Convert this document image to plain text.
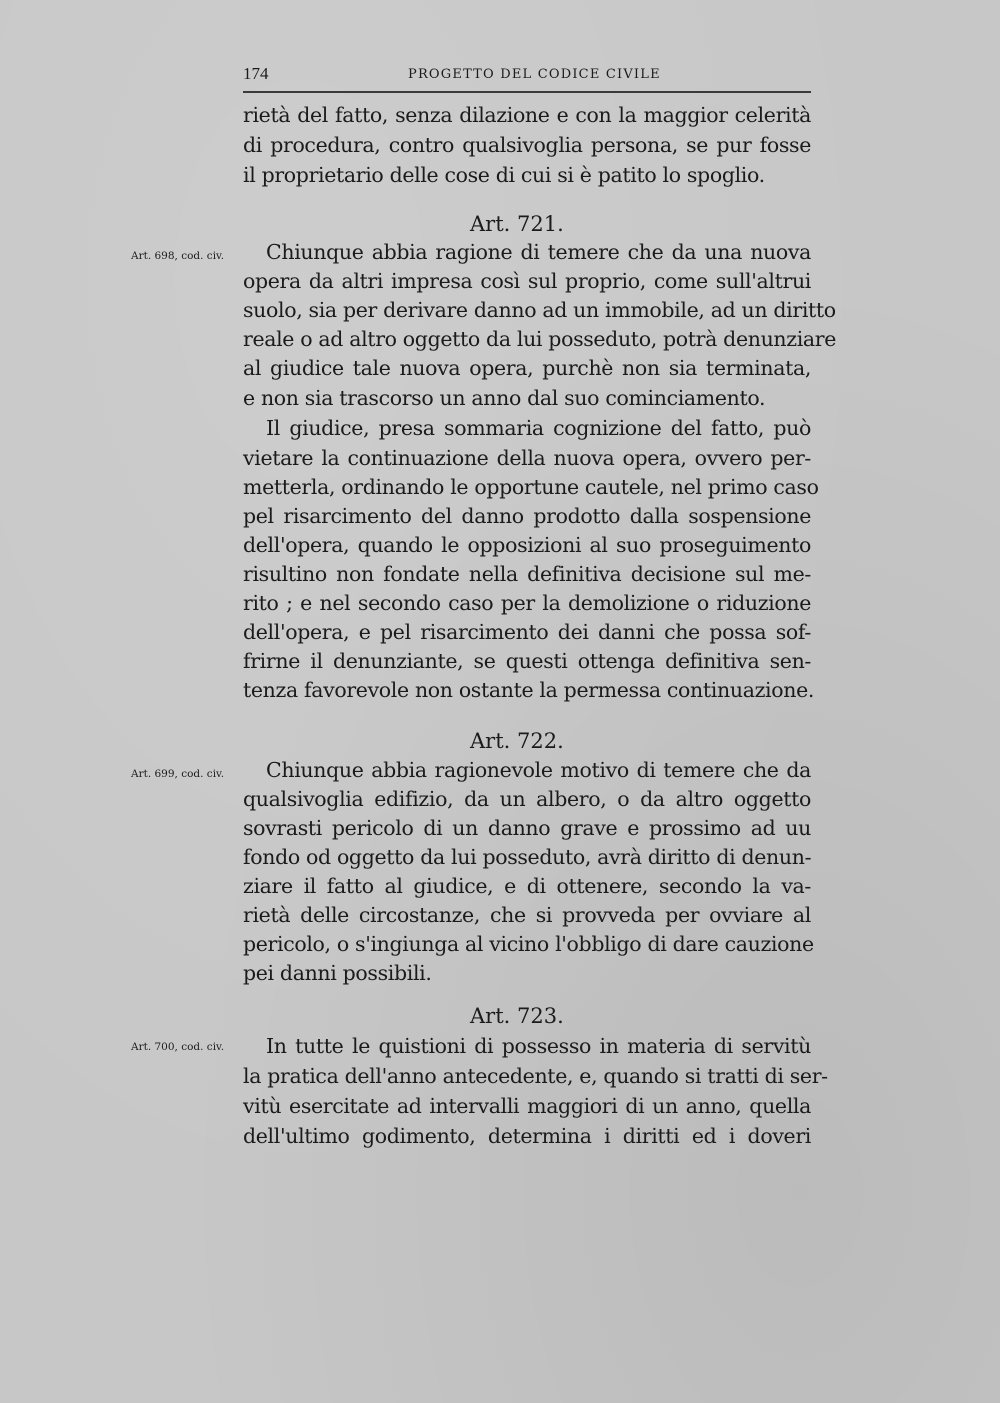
174	PROGETTO DEL CODICE CIVILE
rietà del fatto, senza dilazione e con la maggior celerità
di procedura, contro qualsivoglia persona, se pur fosse
il proprietario delle cose di cui si è patito lo spoglio.
Art. 721.
Art. 698, cod. civ. Chiunque abbia ragione di temere che da una nuova
opera da altri impresa così sul proprio, come sull'altrui
suolo, sia per derivare danno ad un immobile, ad un diritto
reale o ad altro oggetto da lui posseduto, potrà denunziare
al giudice tale nuova opera, purchè non sia terminata,
e non sia trascorso un anno dal suo cominciamento.
Il giudice, presa sommaria cognizione del fatto, può
vietare la continuazione della nuova opera, ovvero per-
metterla, ordinando le opportune cautele, nel primo caso
pel risarcimento del danno prodotto dalla sospensione
dell'opera, quando le opposizioni al suo proseguimento
risultino non fondate nella definitiva decisione sul me-
rito ; e nel secondo caso per la demolizione o riduzione
dell'opera, e pel risarcimento dei danni che possa sof-
frirne il denunziante, se questi ottenga definitiva sen-
tenza favorevole non ostante la permessa continuazione.
Art. 722.
Art. 699, cod. civ. Chiunque abbia ragionevole motivo di temere che da
qualsivoglia edifizio, da un albero, o da altro oggetto
sovrasti pericolo di un danno grave e prossimo ad uu
fondo od oggetto da lui posseduto, avrà diritto di denun-
ziare il fatto al giudice, e di ottenere, secondo la va-
rietà delle circostanze, che si provveda per ovviare al
pericolo, o s'ingiunga al vicino l'obbligo di dare cauzione
pei danni possibili.
Art. 723.
Art. 700, cod. civ. In tutte le quistioni di possesso in materia di servitù
la pratica dell'anno antecedente, e, quando si tratti di ser-
vitù esercitate ad intervalli maggiori di un anno, quella
dell'ultimo godimento, determina i diritti ed i doveri
